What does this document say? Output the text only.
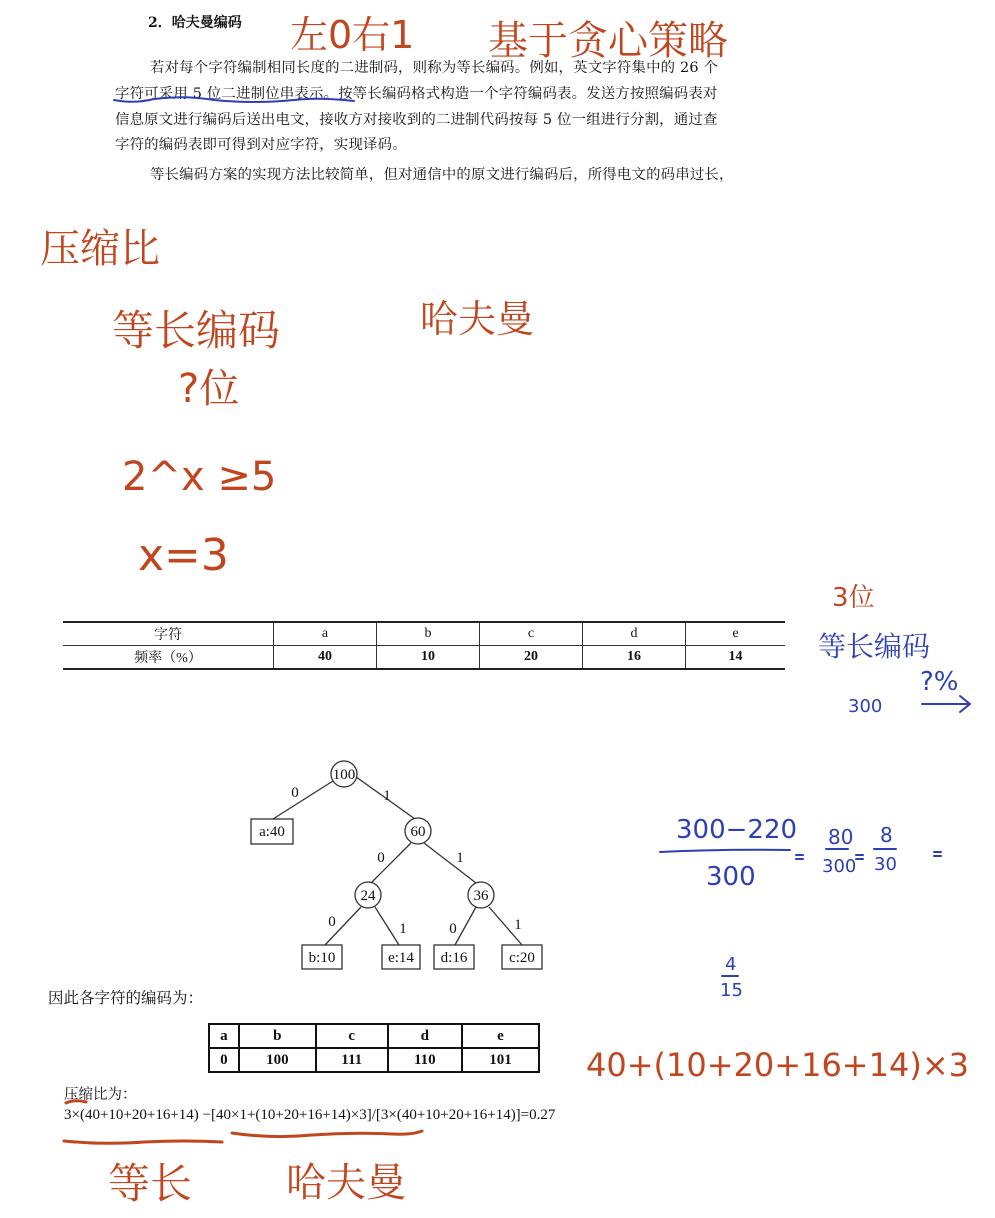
2．哈夫曼编码
若对每个字符编制相同长度的二进制码，则称为等长编码。例如，英文字符集中的 26 个
字符可采用 5 位二进制位串表示。按等长编码格式构造一个字符编码表。发送方按照编码表对
信息原文进行编码后送出电文，接收方对接收到的二进制代码按每 5 位一组进行分割，通过查
字符的编码表即可得到对应字符，实现译码。
等长编码方案的实现方法比较简单，但对通信中的原文进行编码后，所得电文的码串过长，
字符	a	b	c	d	e
频率（%）	40	10	20	16	14
100
60
24	36
a:40
b:10	e:14 d:16	c:20
0	1
0	1
0	1	0	1
因此各字符的编码为：
a	b	c	d	e
0	100	111	110	101
压缩比为：
3×(40+10+20+16+14) −[40×1+(10+20+16+14)×3]/[3×(40+10+20+16+14)]=0.27
左0右1 基于贪心策略
压缩比
等长编码	哈夫曼
?位
2^x ≥5
x=3
3位
等长编码
?%
300
300−220
300
80
300
8
30
4
15
40+(10+20+16+14)×3
等长 哈夫曼
